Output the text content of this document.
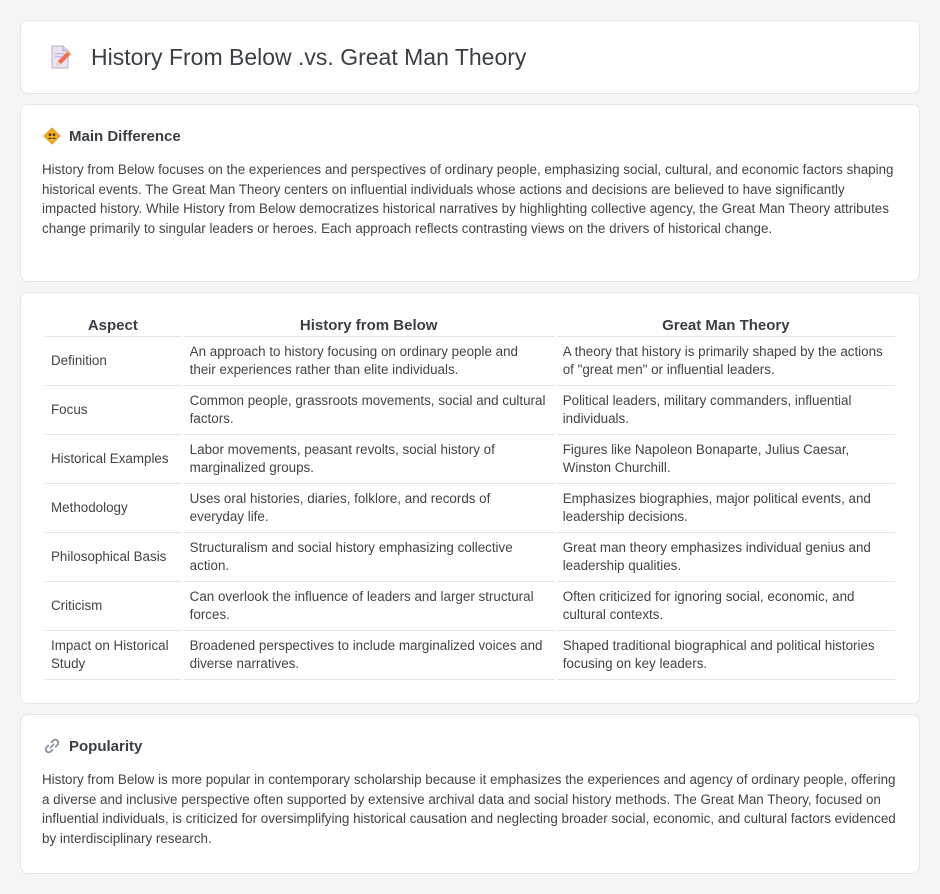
History From Below .vs. Great Man Theory
Main Difference

History from Below focuses on the experiences and perspectives of ordinary people, emphasizing social, cultural, and economic factors shaping historical events. The Great Man Theory centers on influential individuals whose actions and decisions are believed to have significantly impacted history. While History from Below democratizes historical narratives by highlighting collective agency, the Great Man Theory attributes change primarily to singular leaders or heroes. Each approach reflects contrasting views on the drivers of historical change.

Aspect	History from Below	Great Man Theory
Definition	An approach to history focusing on ordinary people and their experiences rather than elite individuals.	A theory that history is primarily shaped by the actions of "great men" or influential leaders.
Focus	Common people, grassroots movements, social and cultural factors.	Political leaders, military commanders, influential individuals.
Historical Examples	Labor movements, peasant revolts, social history of marginalized groups.	Figures like Napoleon Bonaparte, Julius Caesar, Winston Churchill.
Methodology	Uses oral histories, diaries, folklore, and records of everyday life.	Emphasizes biographies, major political events, and leadership decisions.
Philosophical Basis	Structuralism and social history emphasizing collective action.	Great man theory emphasizes individual genius and leadership qualities.
Criticism	Can overlook the influence of leaders and larger structural forces.	Often criticized for ignoring social, economic, and cultural contexts.
Impact on Historical Study	Broadened perspectives to include marginalized voices and diverse narratives.	Shaped traditional biographical and political histories focusing on key leaders.
Popularity

History from Below is more popular in contemporary scholarship because it emphasizes the experiences and agency of ordinary people, offering a diverse and inclusive perspective often supported by extensive archival data and social history methods. The Great Man Theory, focused on influential individuals, is criticized for oversimplifying historical causation and neglecting broader social, economic, and cultural factors evidenced by interdisciplinary research.
